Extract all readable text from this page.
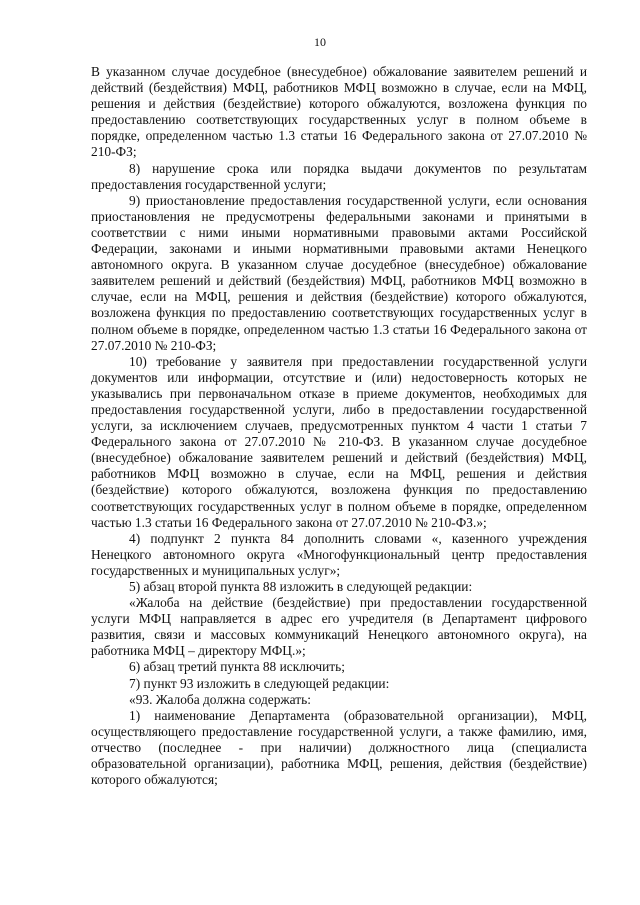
10

В указанном случае досудебное (внесудебное) обжалование заявителем решений и действий (бездействия) МФЦ, работников МФЦ возможно в случае, если на МФЦ, решения и действия (бездействие) которого обжалуются, возложена функция по предоставлению соответствующих государственных услуг в полном объеме в порядке, определенном частью 1.3 статьи 16 Федерального закона от 27.07.2010 № 210-ФЗ;

8) нарушение срока или порядка выдачи документов по результатам предоставления государственной услуги;

9) приостановление предоставления государственной услуги, если основания приостановления не предусмотрены федеральными законами и принятыми в соответствии с ними иными нормативными правовыми актами Российской Федерации, законами и иными нормативными правовыми актами Ненецкого автономного округа. В указанном случае досудебное (внесудебное) обжалование заявителем решений и действий (бездействия) МФЦ, работников МФЦ возможно в случае, если на МФЦ, решения и действия (бездействие) которого обжалуются, возложена функция по предоставлению соответствующих государственных услуг в полном объеме в порядке, определенном частью 1.3 статьи 16 Федерального закона от 27.07.2010 № 210-ФЗ;

10) требование у заявителя при предоставлении государственной услуги документов или информации, отсутствие и (или) недостоверность которых не указывались при первоначальном отказе в приеме документов, необходимых для предоставления государственной услуги, либо в предоставлении государственной услуги, за исключением случаев, предусмотренных пунктом 4 части 1 статьи 7 Федерального закона от 27.07.2010 № 210-ФЗ. В указанном случае досудебное (внесудебное) обжалование заявителем решений и действий (бездействия) МФЦ, работников МФЦ возможно в случае, если на МФЦ, решения и действия (бездействие) которого обжалуются, возложена функция по предоставлению соответствующих государственных услуг в полном объеме в порядке, определенном частью 1.3 статьи 16 Федерального закона от 27.07.2010 № 210-ФЗ.»;

4) подпункт 2 пункта 84 дополнить словами «, казенного учреждения Ненецкого автономного округа «Многофункциональный центр предоставления государственных и муниципальных услуг»;

5) абзац второй пункта 88 изложить в следующей редакции:

«Жалоба на действие (бездействие) при предоставлении государственной услуги МФЦ направляется в адрес его учредителя (в Департамент цифрового развития, связи и массовых коммуникаций Ненецкого автономного округа), на работника МФЦ – директору МФЦ.»;

6) абзац третий пункта 88 исключить;

7) пункт 93 изложить в следующей редакции:

«93. Жалоба должна содержать:

1) наименование Департамента (образовательной организации), МФЦ, осуществляющего предоставление государственной услуги, а также фамилию, имя, отчество (последнее - при наличии) должностного лица (специалиста образовательной организации), работника МФЦ, решения, действия (бездействие) которого обжалуются;
